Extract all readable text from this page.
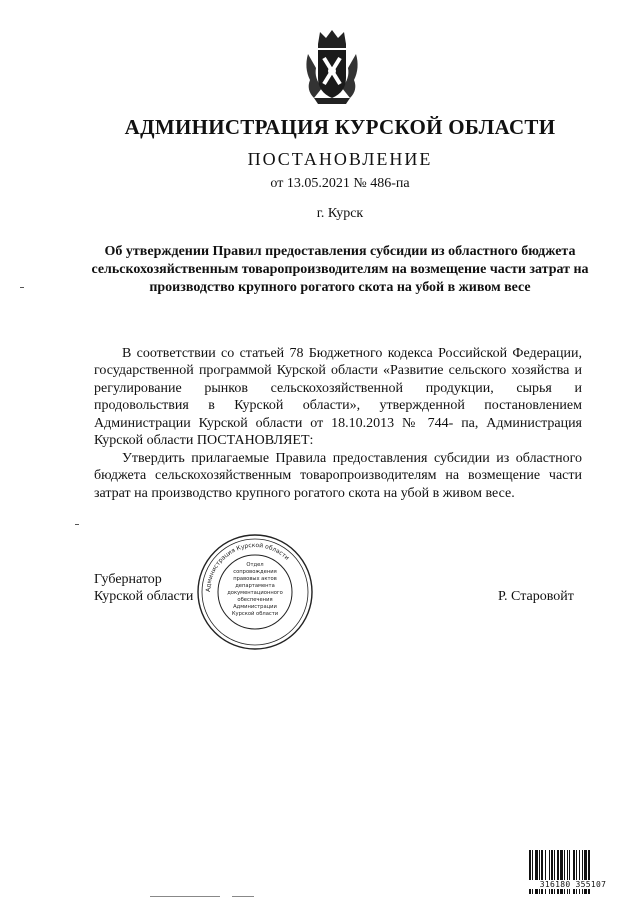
АДМИНИСТРАЦИЯ КУРСКОЙ ОБЛАСТИ
ПОСТАНОВЛЕНИЕ
от 13.05.2021 № 486-па
г. Курск
Об утверждении Правил предоставления субсидии из областного бюджета сельскохозяйственным товаропроизводителям на возмещение части затрат на производство крупного рогатого скота на убой в живом весе
В соответствии со статьей 78 Бюджетного кодекса Российской Федерации, государственной программой Курской области «Развитие сельского хозяйства и регулирование рынков сельскохозяйственной продукции, сырья и продовольствия в Курской области», утвержденной постановлением Администрации Курской области от 18.10.2013 № 744- па, Администрация Курской области ПОСТАНОВЛЯЕТ:
Утвердить прилагаемые Правила предоставления субсидии из областного бюджета сельскохозяйственным товаропроизводителям на возмещение части затрат на производство крупного рогатого скота на убой в живом весе.
Губернатор
Курской области	Р. Старовойт
Администрация Курской области
Отдел
сопровождения
правовых актов
департамента
документационного
обеспечения
Администрации
Курской области
316180 355107
